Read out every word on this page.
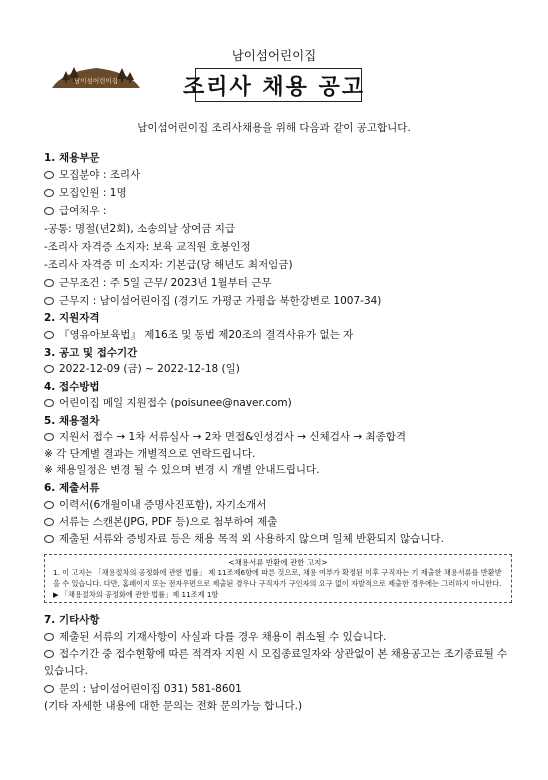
남이섬어린이집
남이섬어린이집
조리사 채용 공고
남이섬어린이집 조리사채용을 위해 다음과 같이 공고합니다.
1. 채용부문
모집분야 : 조리사
모집인원 : 1명
급여처우 :
-공통: 명절(년2회), 소송의날 상여금 지급
-조리사 자격증 소지자: 보육 교직원 호봉인정
-조리사 자격증 미 소지자: 기본급(당 해년도 최저임금)
근무조건 : 주 5일 근무/ 2023년 1월부터 근무
근무지 : 남이섬어린이집 (경기도 가평군 가평읍 북한강변로 1007-34)
2. 지원자격
『영유아보육법』 제16조 및 동법 제20조의 결격사유가 없는 자
3. 공고 및 접수기간
2022-12-09 (금) ~ 2022-12-18 (일)
4. 접수방법
어린이집 메일 지원접수 (poisunee@naver.com)
5. 채용절차
지원서 접수 → 1차 서류심사 → 2차 면접&인성검사 → 신체검사 → 최종합격
※ 각 단계별 결과는 개별적으로 연락드립니다.
※ 채용일정은 변경 될 수 있으며 변경 시 개별 안내드립니다.
6. 제출서류
이력서(6개월이내 증명사진포함), 자기소개서
서류는 스캔본(JPG, PDF 등)으로 첨부하여 제출
제출된 서류와 증빙자료 등은 채용 목적 외 사용하지 않으며 일체 반환되지 않습니다.
<채용서류 반환에 관한 고지>
1. 이 고지는 「채용절차의 공정화에 관한 법률」 제 11조제6항에 따른 것으로, 채용 여부가 확정된 이후 구직자는 기 제출한 채용서류를 반환받을 수 있습니다. 다만, 홈페이지 또는 전자우편으로 제출된 경우나 구직자가 구인자의 요구 없이 자발적으로 제출한 경우에는 그러하지 아니한다. ▶ 「채용절차의 공정화에 관한 법률」제 11조제 1항
7. 기타사항
제출된 서류의 기재사항이 사실과 다를 경우 채용이 취소될 수 있습니다.
접수기간 중 접수현황에 따른 적격자 지원 시 모집종료일자와 상관없이 본 채용공고는 조기종료될 수
있습니다.
문의 : 남이섬어린이집 031) 581-8601
(기타 자세한 내용에 대한 문의는 전화 문의가능 합니다.)
